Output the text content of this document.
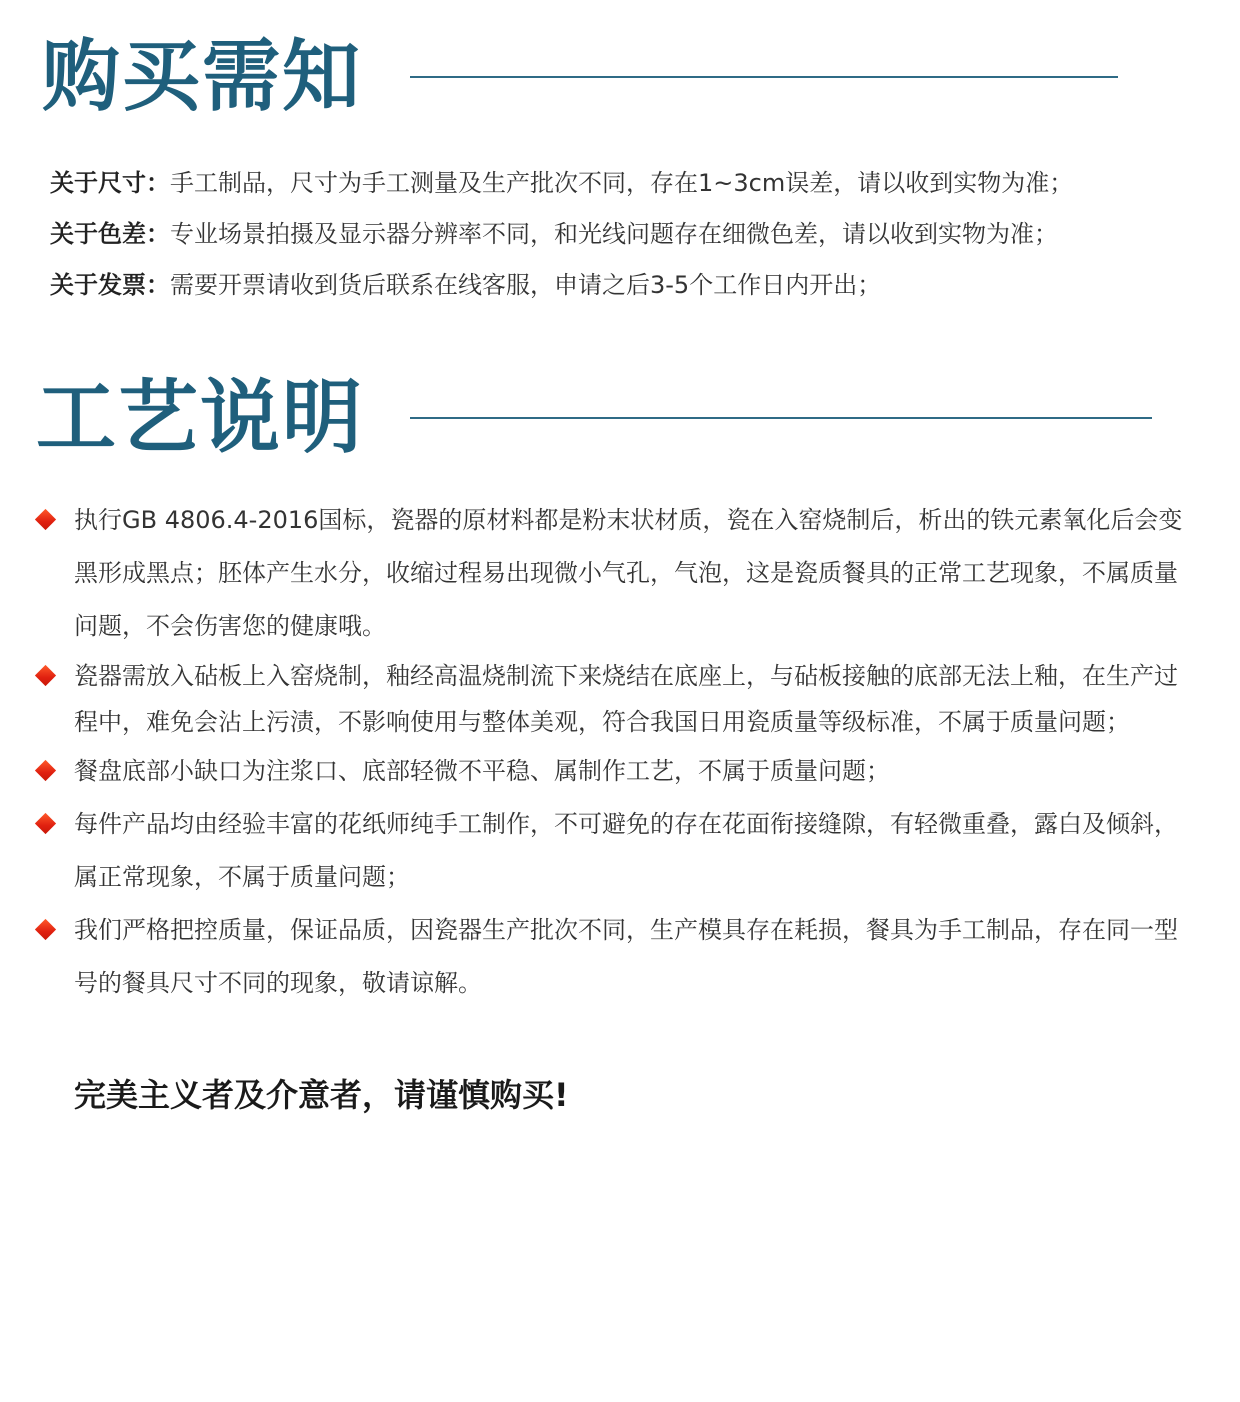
购买需知
关于尺寸：手工制品，尺寸为手工测量及生产批次不同，存在1~3cm误差，请以收到实物为准；
关于色差：专业场景拍摄及显示器分辨率不同，和光线问题存在细微色差，请以收到实物为准；
关于发票：需要开票请收到货后联系在线客服，申请之后3-5个工作日内开出；
工艺说明
执行GB 4806.4-2016国标，瓷器的原材料都是粉末状材质，瓷在入窑烧制后，析出的铁元素氧化后会变黑形成黑点；胚体产生水分，收缩过程易出现微小气孔，气泡，这是瓷质餐具的正常工艺现象，不属质量问题，不会伤害您的健康哦。
瓷器需放入砧板上入窑烧制，釉经高温烧制流下来烧结在底座上，与砧板接触的底部无法上釉，在生产过程中，难免会沾上污渍，不影响使用与整体美观，符合我国日用瓷质量等级标准，不属于质量问题；
餐盘底部小缺口为注浆口、底部轻微不平稳、属制作工艺，不属于质量问题；
每件产品均由经验丰富的花纸师纯手工制作，不可避免的存在花面衔接缝隙，有轻微重叠，露白及倾斜，属正常现象，不属于质量问题；
我们严格把控质量，保证品质，因瓷器生产批次不同，生产模具存在耗损，餐具为手工制品，存在同一型号的餐具尺寸不同的现象，敬请谅解。
完美主义者及介意者，请谨慎购买!
